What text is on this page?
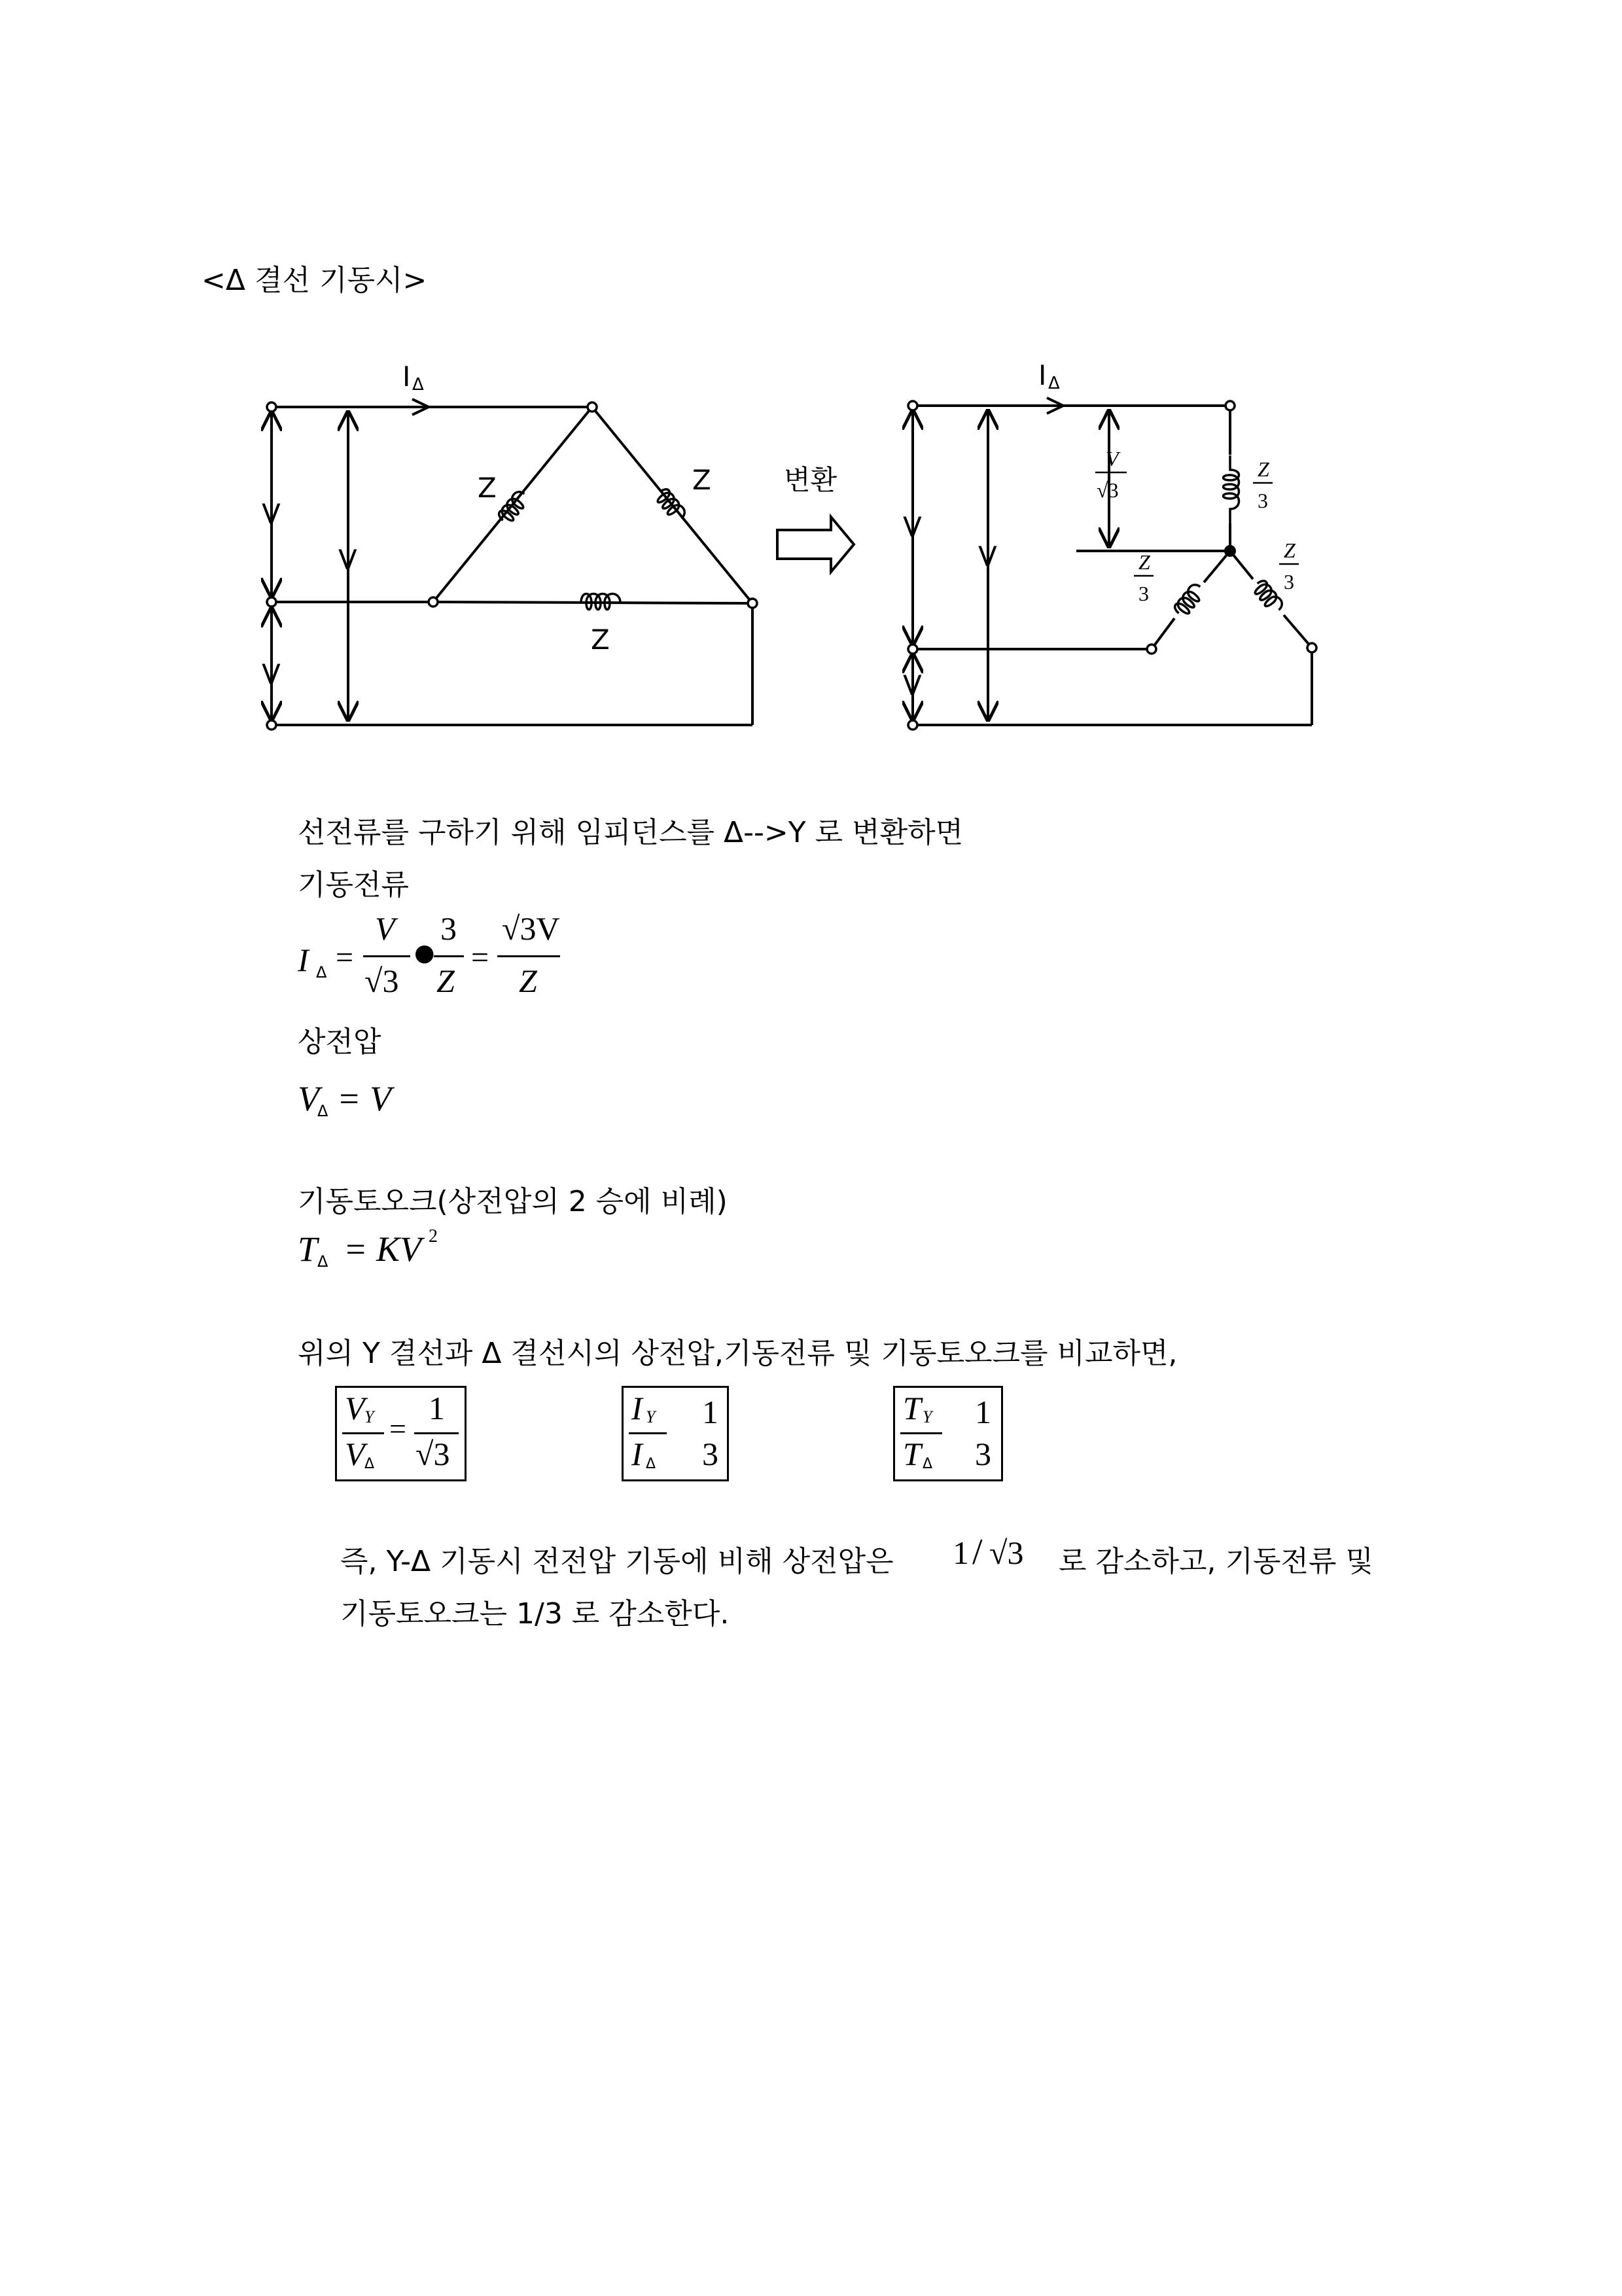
<Δ 결선 기동시>
I Δ
V
V
V
Z	Z
Z
변환
I Δ
V
V
V
V
√3
Z
3
Z
3
Z
3
선전류를 구하기 위해 임피던스를 Δ-->Y 로 변환하면
기동전류
I Δ =
V
√3
●
3
Z
=
√3V
Z
상전압
V
Δ = V
기동토오크(상전압의 2 승에 비례)
T Δ = KV 2
위의 Y 결선과 Δ 결선시의 상전압,기동전류 및 기동토오크를 비교하면,
V Y
V Δ
=
1
√3
I Y
I Δ
1
3
T Y
T Δ
1
3
즉, Y-Δ 기동시 전전압 기동에 비해 상전압은 1 / √3 로 감소하고, 기동전류 및
기동토오크는 1/3 로 감소한다.
